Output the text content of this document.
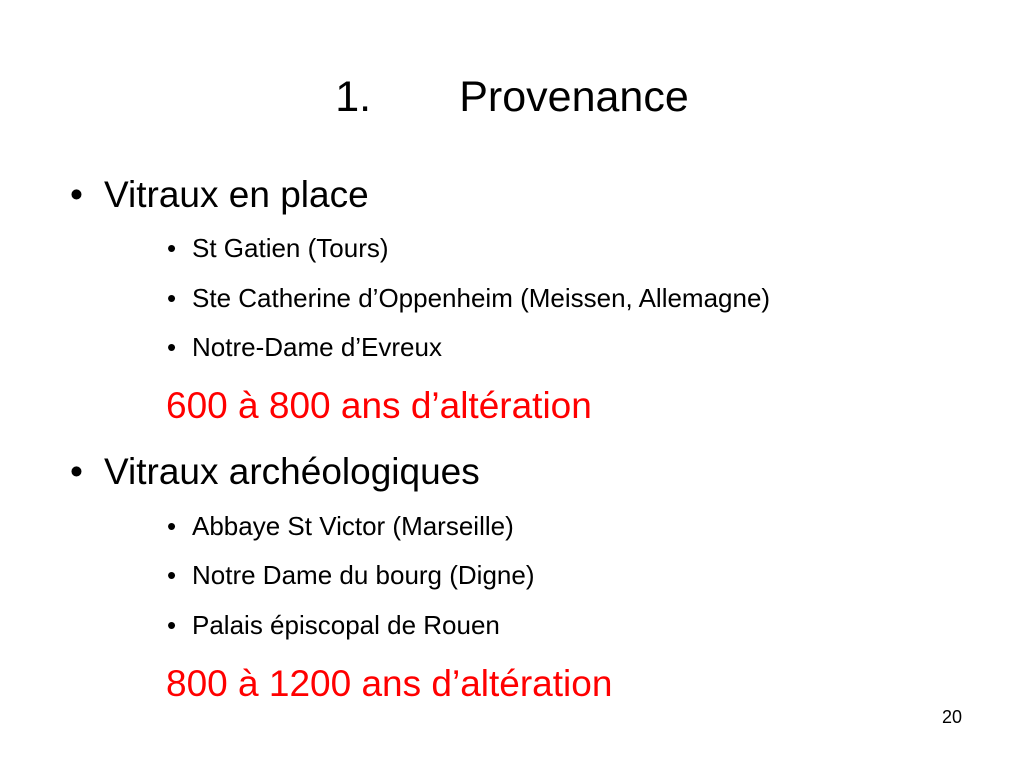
1. Provenance
• Vitraux en place
• St Gatien (Tours)
• Ste Catherine d’Oppenheim (Meissen, Allemagne)
• Notre-Dame d’Evreux
600 à 800 ans d’altération
• Vitraux archéologiques
• Abbaye St Victor (Marseille)
• Notre Dame du bourg (Digne)
• Palais épiscopal de Rouen
800 à 1200 ans d’altération
20
